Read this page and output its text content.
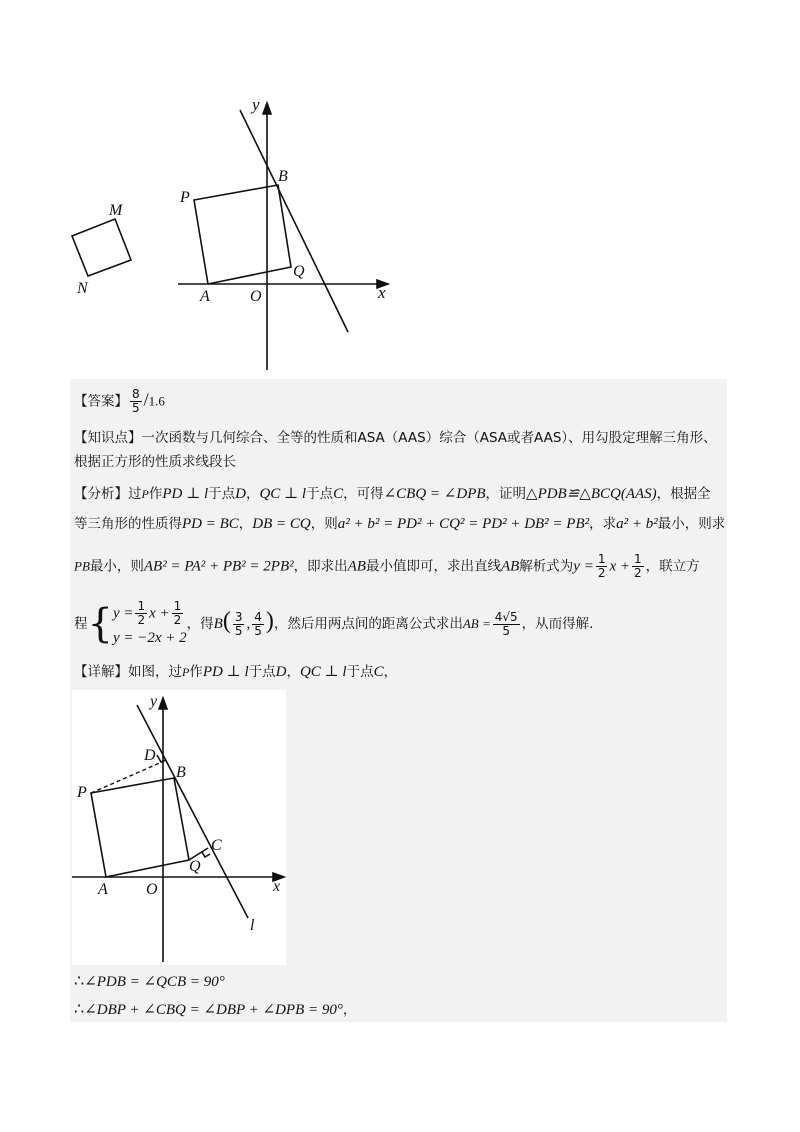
y
x
B
P
M
N
Q
A	O
【答案】 $\frac{8}{5} /1.6$
【知识点】一次函数与几何综合、全等的性质和ASA（AAS）综合（ASA或者AAS）、用勾股定理解三角形、
根据正方形的性质求线段长
【分析】过P作PD ⊥ l于点D，QC ⊥ l于点C，可得∠CBQ = ∠DPB，证明△PDB≌△BCQ(AAS)，根据全
等三角形的性质得PD = BC，DB = CQ，则a² + b² = PD² + CQ² = PD² + DB² = PB²，求a² + b²最小，则求
PB最小，则AB² = PA² + PB² = 2PB²，即求出AB最小值即可，求出直线AB解析式为$y = \frac{1}{2}$ $x + \frac{1}{2}$ ，联立方
程{ $y = \frac{1}{2}$ $x + \frac{1}{2}$
y = −2x + 2
，得$B( \frac{3}{5}$ , $\frac{4}{5}$ )，然后用两点间的距离公式求出AB = $\frac{4√5}{5}$ ，从而得解.
【详解】如图，过P作PD ⊥ l于点D，QC ⊥ l于点C，
y
x
D
B
P
C
Q
A O
l
∴∠PDB = ∠QCB = 90°
∴∠DBP + ∠CBQ = ∠DBP + ∠DPB = 90°，
